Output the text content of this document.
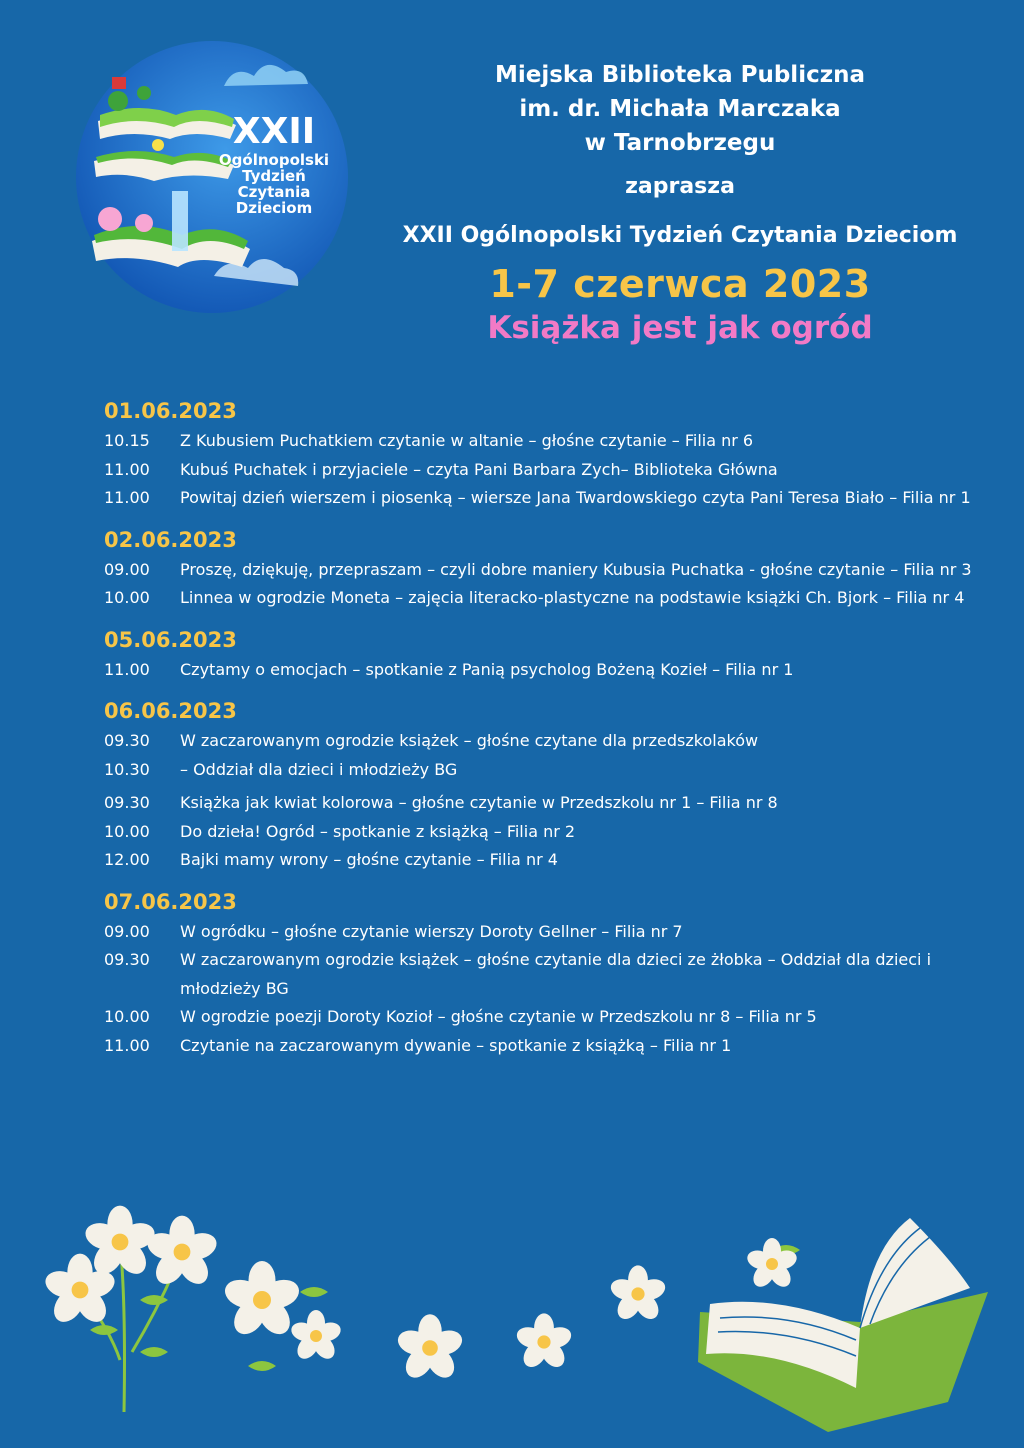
XXII
Ogólnopolski
Tydzień
Czytania
Dzieciom
Miejska Biblioteka Publiczna
im. dr. Michała Marczaka
w Tarnobrzegu
zaprasza
XXII Ogólnopolski Tydzień Czytania Dzieciom
1-7 czerwca 2023
Książka jest jak ogród
01.06.2023
10.15	Z Kubusiem Puchatkiem czytanie w altanie – głośne czytanie – Filia nr 6
11.00	Kubuś Puchatek i przyjaciele – czyta Pani Barbara Zych– Biblioteka Główna
11.00	Powitaj dzień wierszem i piosenką – wiersze Jana Twardowskiego czyta Pani Teresa Biało – Filia nr 1
02.06.2023
09.00	Proszę, dziękuję, przepraszam – czyli dobre maniery Kubusia Puchatka - głośne czytanie – Filia nr 3
10.00	Linnea w ogrodzie Moneta – zajęcia literacko-plastyczne na podstawie książki Ch. Bjork – Filia nr 4
05.06.2023
11.00	Czytamy o emocjach – spotkanie z Panią psycholog Bożeną Kozieł – Filia nr 1
06.06.2023
09.30	W zaczarowanym ogrodzie książek – głośne czytane dla przedszkolaków
10.30	– Oddział dla dzieci i młodzieży BG
09.30	Książka jak kwiat kolorowa – głośne czytanie w Przedszkolu nr 1 – Filia nr 8
10.00	Do dzieła! Ogród – spotkanie z książką – Filia nr 2
12.00	Bajki mamy wrony – głośne czytanie – Filia nr 4
07.06.2023
09.00	W ogródku – głośne czytanie wierszy Doroty Gellner – Filia nr 7
09.30	W zaczarowanym ogrodzie książek – głośne czytanie dla dzieci ze żłobka – Oddział dla dzieci i młodzieży BG
10.00	W ogrodzie poezji Doroty Kozioł – głośne czytanie w Przedszkolu nr 8 – Filia nr 5
11.00	Czytanie na zaczarowanym dywanie – spotkanie z książką – Filia nr 1
